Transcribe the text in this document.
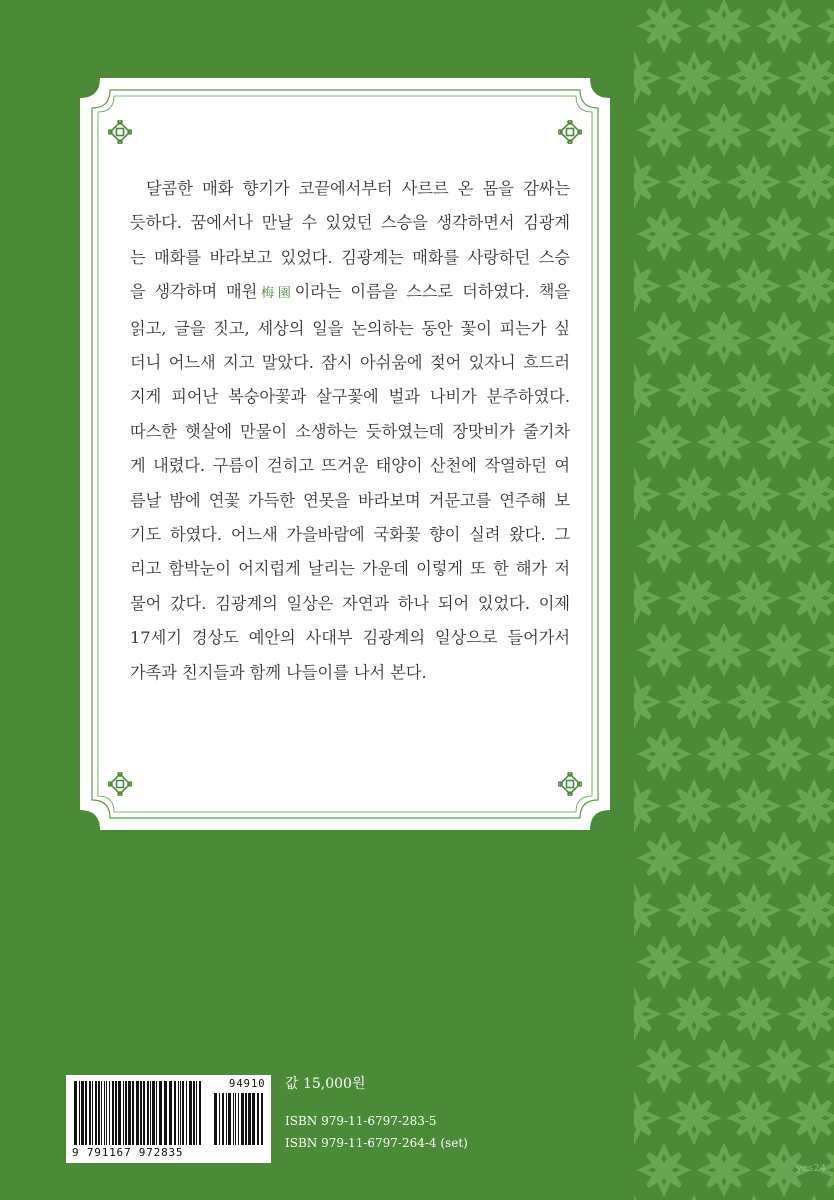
달콤한 매화 향기가 코끝에서부터 사르르 온 몸을 감싸는
듯하다. 꿈에서나 만날 수 있었던 스승을 생각하면서 김광계
는 매화를 바라보고 있었다. 김광계는 매화를 사랑하던 스승
을 생각하며 매원梅園이라는 이름을 스스로 더하였다. 책을
읽고, 글을 짓고, 세상의 일을 논의하는 동안 꽃이 피는가 싶
더니 어느새 지고 말았다. 잠시 아쉬움에 젖어 있자니 흐드러
지게 피어난 복숭아꽃과 살구꽃에 벌과 나비가 분주하였다.
따스한 햇살에 만물이 소생하는 듯하였는데 장맛비가 줄기차
게 내렸다. 구름이 걷히고 뜨거운 태양이 산천에 작열하던 여
름날 밤에 연꽃 가득한 연못을 바라보며 거문고를 연주해 보
기도 하였다. 어느새 가을바람에 국화꽃 향이 실려 왔다. 그
리고 함박눈이 어지럽게 날리는 가운데 이렇게 또 한 해가 저
물어 갔다. 김광계의 일상은 자연과 하나 되어 있었다. 이제
17세기 경상도 예안의 사대부 김광계의 일상으로 들어가서
가족과 친지들과 함께 나들이를 나서 본다.

94910
9 791167 972835
값 15,000원
ISBN 979-11-6797-283-5
ISBN 979-11-6797-264-4 (set)
yes24
